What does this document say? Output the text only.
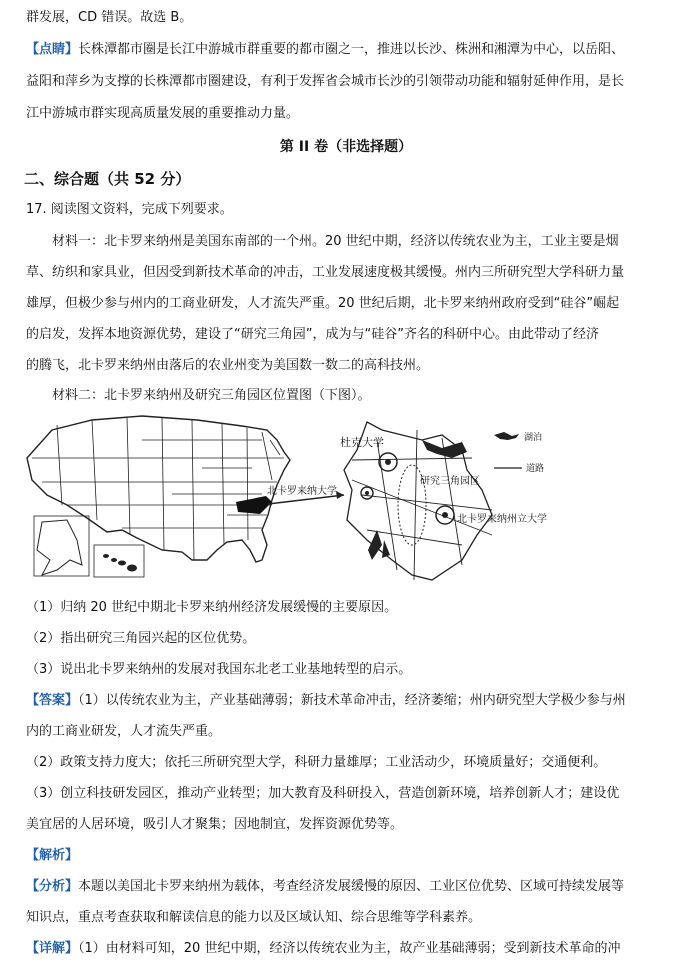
群发展，CD 错误。故选 B。
【点睛】长株潭都市圈是长江中游城市群重要的都市圈之一，推进以长沙、株洲和湘潭为中心，以岳阳、
益阳和萍乡为支撑的长株潭都市圈建设，有利于发挥省会城市长沙的引领带动功能和辐射延伸作用，是长
江中游城市群实现高质量发展的重要推动力量。
第 II 卷（非选择题）
二、综合题（共 52 分）
17. 阅读图文资料，完成下列要求。
材料一：北卡罗来纳州是美国东南部的一个州。20 世纪中期，经济以传统农业为主，工业主要是烟
草、纺织和家具业，但因受到新技术革命的冲击，工业发展速度极其缓慢。州内三所研究型大学科研力量
雄厚，但极少参与州内的工商业研发，人才流失严重。20 世纪后期，北卡罗来纳州政府受到“硅谷”崛起
的启发，发挥本地资源优势，建设了“研究三角园”，成为与“硅谷”齐名的科研中心。由此带动了经济
的腾飞，北卡罗来纳州由落后的农业州变为美国数一数二的高科技州。
材料二：北卡罗来纳州及研究三角园区位置图（下图）。
杜克大学
北卡罗来纳大学
研究三角园区
北卡罗来纳州立大学
湖泊
道路
（1）归纳 20 世纪中期北卡罗来纳州经济发展缓慢的主要原因。
（2）指出研究三角园兴起的区位优势。
（3）说出北卡罗来纳州的发展对我国东北老工业基地转型的启示。
【答案】（1）以传统农业为主，产业基础薄弱；新技术革命冲击，经济萎缩；州内研究型大学极少参与州
内的工商业研发，人才流失严重。
（2）政策支持力度大；依托三所研究型大学，科研力量雄厚；工业活动少，环境质量好；交通便利。
（3）创立科技研发园区，推动产业转型；加大教育及科研投入，营造创新环境，培养创新人才；建设优
美宜居的人居环境，吸引人才聚集；因地制宜，发挥资源优势等。
【解析】
【分析】本题以美国北卡罗来纳州为载体，考查经济发展缓慢的原因、工业区位优势、区域可持续发展等
知识点，重点考查获取和解读信息的能力以及区域认知、综合思维等学科素养。
【详解】（1）由材料可知，20 世纪中期，经济以传统农业为主，故产业基础薄弱；受到新技术革命的冲
